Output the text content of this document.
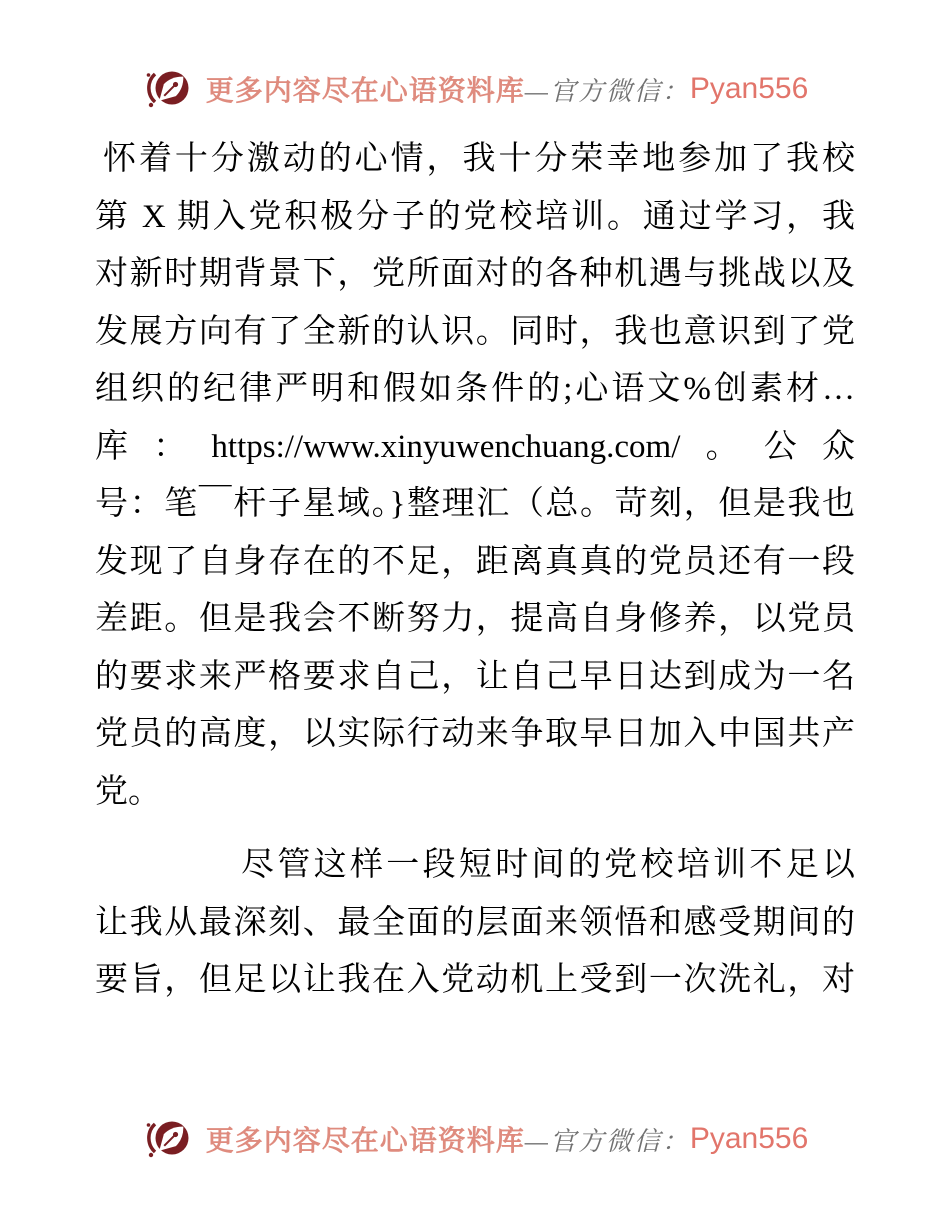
更多内容尽在心语资料库 —官方微信： Pyan556
怀着十分激动的心情，我十分荣幸地参加了我校
第 X 期入党积极分子的党校培训。通过学习，我
对新时期背景下，党所面对的各种机遇与挑战以及
发展方向有了全新的认识。同时，我也意识到了党
组织的纪律严明和假如条件的;心语文%创素材…
库：https://www.xinyuwenchuang.com/。公众
号：笔￣杆子星域。}整理汇（总。苛刻，但是我也
发现了自身存在的不足，距离真真的党员还有一段
差距。但是我会不断努力，提高自身修养，以党员
的要求来严格要求自己，让自己早日达到成为一名
党员的高度，以实际行动来争取早日加入中国共产
党。
尽管这样一段短时间的党校培训不足以
让我从最深刻、最全面的层面来领悟和感受期间的
要旨，但足以让我在入党动机上受到一次洗礼，对
更多内容尽在心语资料库 —官方微信： Pyan556
